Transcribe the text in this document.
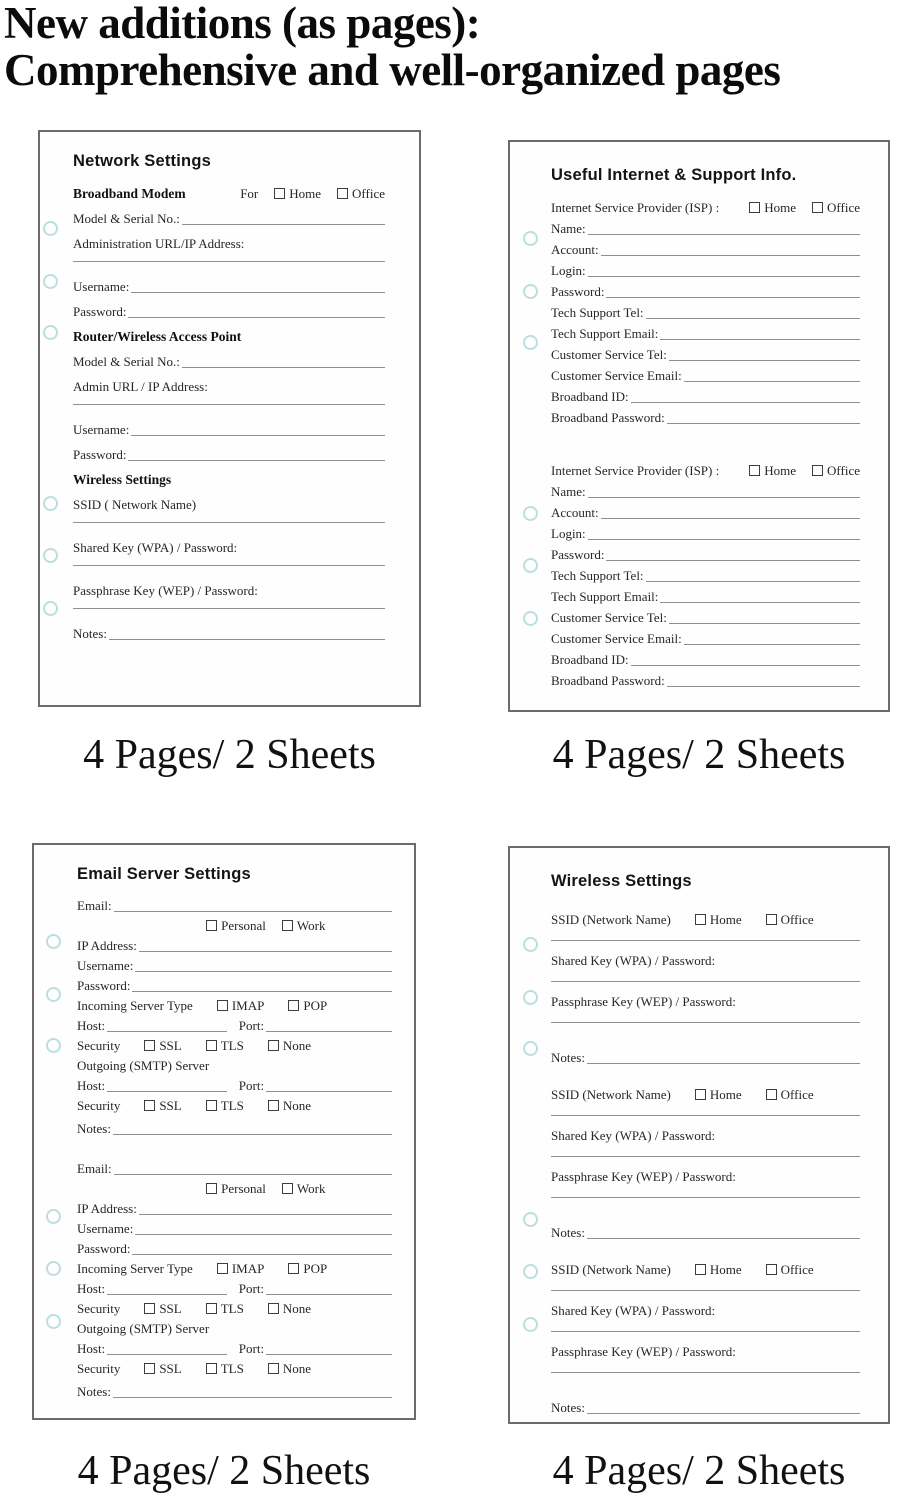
New additions (as pages):
Comprehensive and well-organized pages
Network Settings
Broadband Modem	For Home Office
Model & Serial No.:
Administration URL/IP Address:
Username:
Password:
Router/Wireless Access Point
Model & Serial No.:
Admin URL / IP Address:
Username:
Password:
Wireless Settings
SSID ( Network Name)
Shared Key (WPA) / Password:
Passphrase Key (WEP) / Password:
Notes:
Useful Internet & Support Info.
Internet Service Provider (ISP) :	Home Office
Name:
Account:
Login:
Password:
Tech Support Tel:
Tech Support Email:
Customer Service Tel:
Customer Service Email:
Broadband ID:
Broadband Password:
Internet Service Provider (ISP) :	Home Office
Name:
Account:
Login:
Password:
Tech Support Tel:
Tech Support Email:
Customer Service Tel:
Customer Service Email:
Broadband ID:
Broadband Password:
Email Server Settings
Email:
Personal Work
IP Address:
Username:
Password:
Incoming Server Type	IMAP	POP
Host:	Port:
Security	SSL	TLS	None
Outgoing (SMTP) Server
Host:	Port:
Security	SSL	TLS	None
Notes:
Email:
Personal Work
IP Address:
Username:
Password:
Incoming Server Type	IMAP	POP
Host:	Port:
Security	SSL	TLS	None
Outgoing (SMTP) Server
Host:	Port:
Security	SSL	TLS	None
Notes:
Wireless Settings
SSID (Network Name)	Home	Office
Shared Key (WPA) / Password:
Passphrase Key (WEP) / Password:
Notes:
SSID (Network Name)	Home	Office
Shared Key (WPA) / Password:
Passphrase Key (WEP) / Password:
Notes:
SSID (Network Name)	Home	Office
Shared Key (WPA) / Password:
Passphrase Key (WEP) / Password:
Notes:
4 Pages/ 2 Sheets	4 Pages/ 2 Sheets
4 Pages/ 2 Sheets	4 Pages/ 2 Sheets
